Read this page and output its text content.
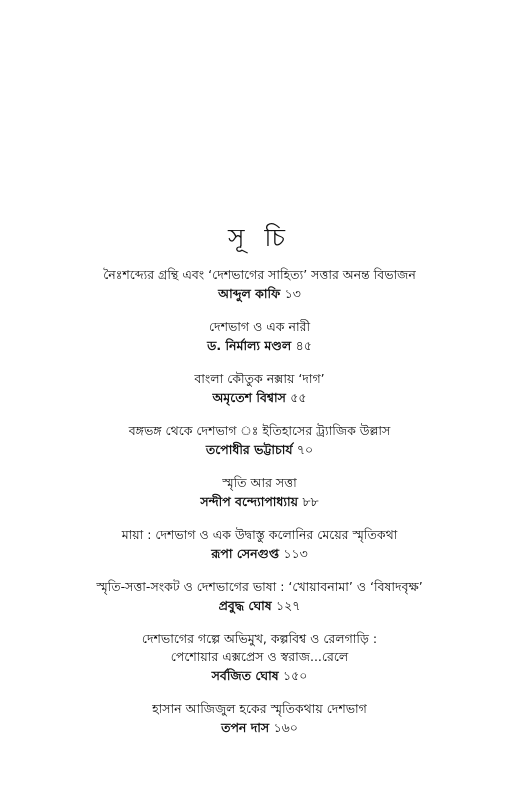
সূ চি
নৈঃশব্দ্যের গ্রন্থি এবং ‘দেশভাগের সাহিত্য’ সত্তার অনন্ত বিভাজন
আব্দুল কাফি ১৩
দেশভাগ ও এক নারী
ড. নির্মাল্য মণ্ডল ৪৫
বাংলা কৌতুক নক্সায় ‘দাগ’
অমৃতেশ বিশ্বাস ৫৫
বঙ্গভঙ্গ থেকে দেশভাগ ঃ ইতিহাসের ট্র্যাজিক উল্লাস
তপোধীর ভট্টাচার্য ৭০
স্মৃতি আর সত্তা
সন্দীপ বন্দ্যোপাধ্যায় ৮৮
মায়া : দেশভাগ ও এক উদ্বাস্তু কলোনির মেয়ের স্মৃতিকথা
রূপা সেনগুপ্ত ১১৩
স্মৃতি-সত্তা-সংকট ও দেশভাগের ভাষা : ‘খোয়াবনামা’ ও ‘বিষাদবৃক্ষ’
প্রবুদ্ধ ঘোষ ১২৭
দেশভাগের গল্পে অভিমুখ, কল্পবিশ্ব ও রেলগাড়ি :
পেশোয়ার এক্সপ্রেস ও স্বরাজ...রেলে
সর্বজিত ঘোষ ১৫০
হাসান আজিজুল হকের স্মৃতিকথায় দেশভাগ
তপন দাস ১৬০
